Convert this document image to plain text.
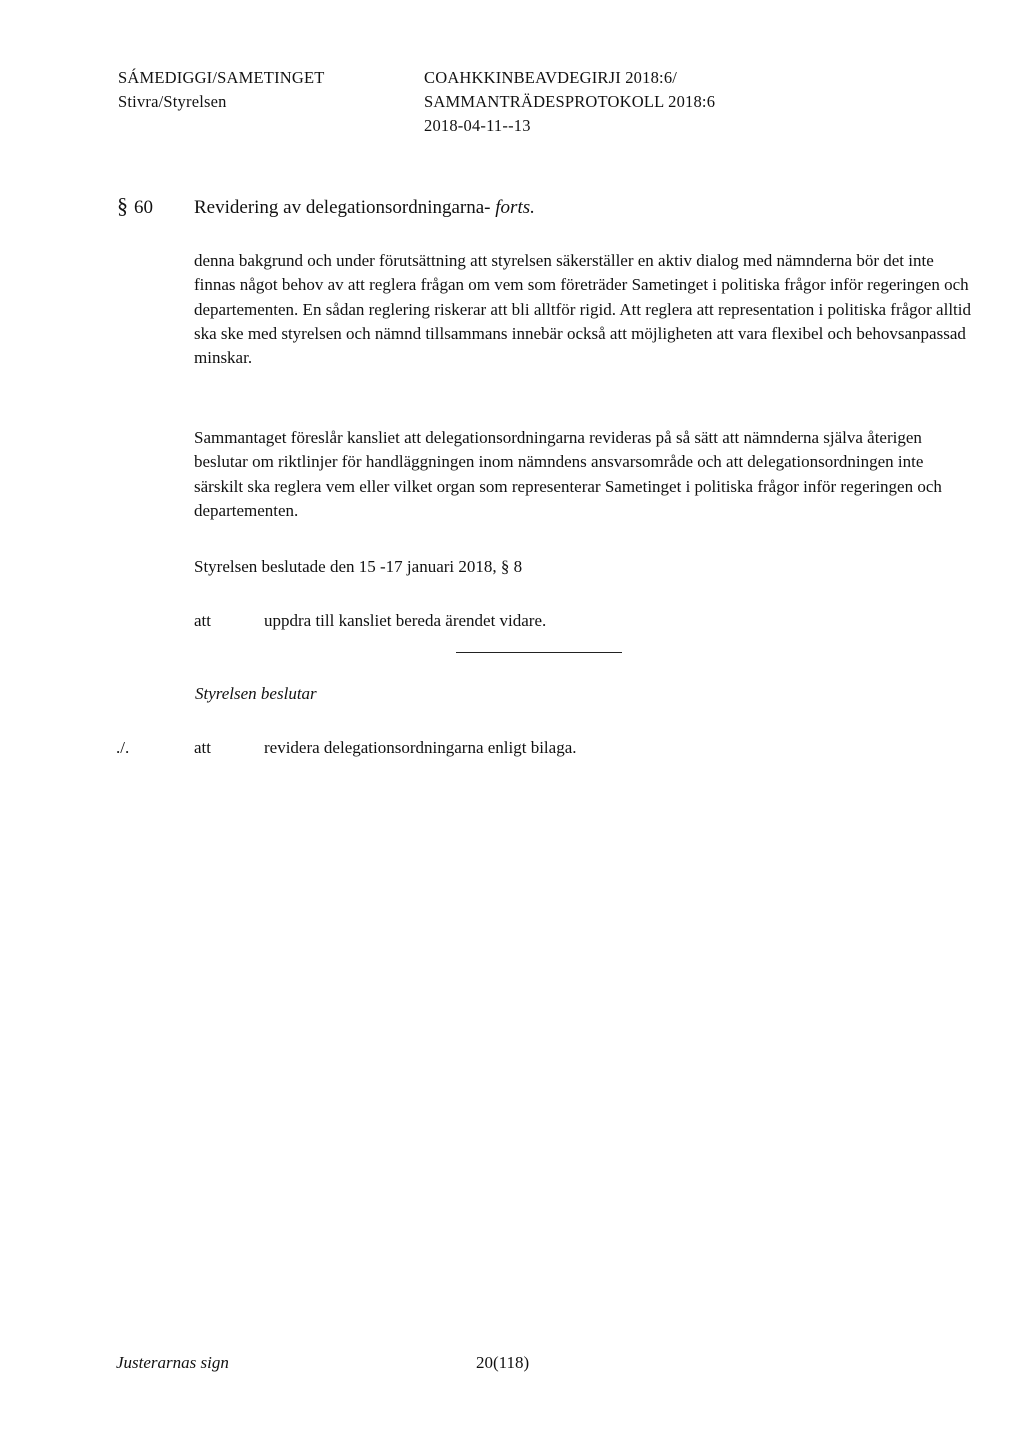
SÁMEDIGGI/SAMETINGET
Stivra/Styrelsen
COAHKKINBEAVDEGIRJI 2018:6/
SAMMANTRÄDESPROTOKOLL 2018:6
2018-04-11--13
§ 60 Revidering av delegationsordningarna- forts.

denna bakgrund och under förutsättning att styrelsen säkerställer en aktiv dialog med nämnderna bör det inte finnas något behov av att reglera frågan om vem som företräder Sametinget i politiska frågor inför regeringen och departementen. En sådan reglering riskerar att bli alltför rigid. Att reglera att representation i politiska frågor alltid ska ske med styrelsen och nämnd tillsammans innebär också att möjligheten att vara flexibel och behovsanpassad minskar.

Sammantaget föreslår kansliet att delegationsordningarna revideras på så sätt att nämnderna själva återigen beslutar om riktlinjer för handläggningen inom nämndens ansvarsområde och att delegationsordningen inte särskilt ska reglera vem eller vilket organ som representerar Sametinget i politiska frågor inför regeringen och departementen.

Styrelsen beslutade den 15 -17 januari 2018, § 8

att	uppdra till kansliet bereda ärendet vidare.
Styrelsen beslutar
./.	att	revidera delegationsordningarna enligt bilaga.
Justerarnas sign	20(118)
